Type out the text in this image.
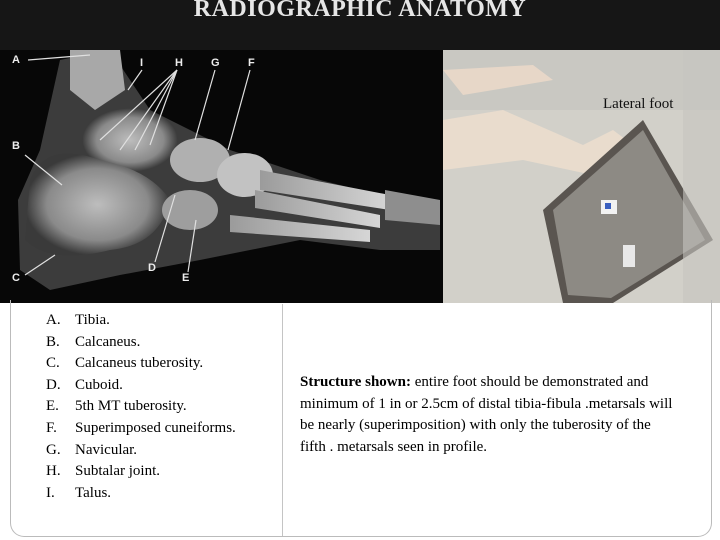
RADIOGRAPHIC ANATOMY
A
B
C
D
E
F
G
H
I
Lateral foot
A. Tibia.
B.	Calcaneus.
C.	Calcaneus tuberosity.
D. Cuboid.
E.	5th MT tuberosity.
F.	Superimposed cuneiforms.
G. Navicular.
H. Subtalar joint.
I.	Talus.
Structure shown: entire foot should be demonstrated and minimum of 1 in or 2.5cm of distal tibia-fibula .metarsals will be nearly (superimposition) with only the tuberosity of the fifth . metarsals seen in profile.
